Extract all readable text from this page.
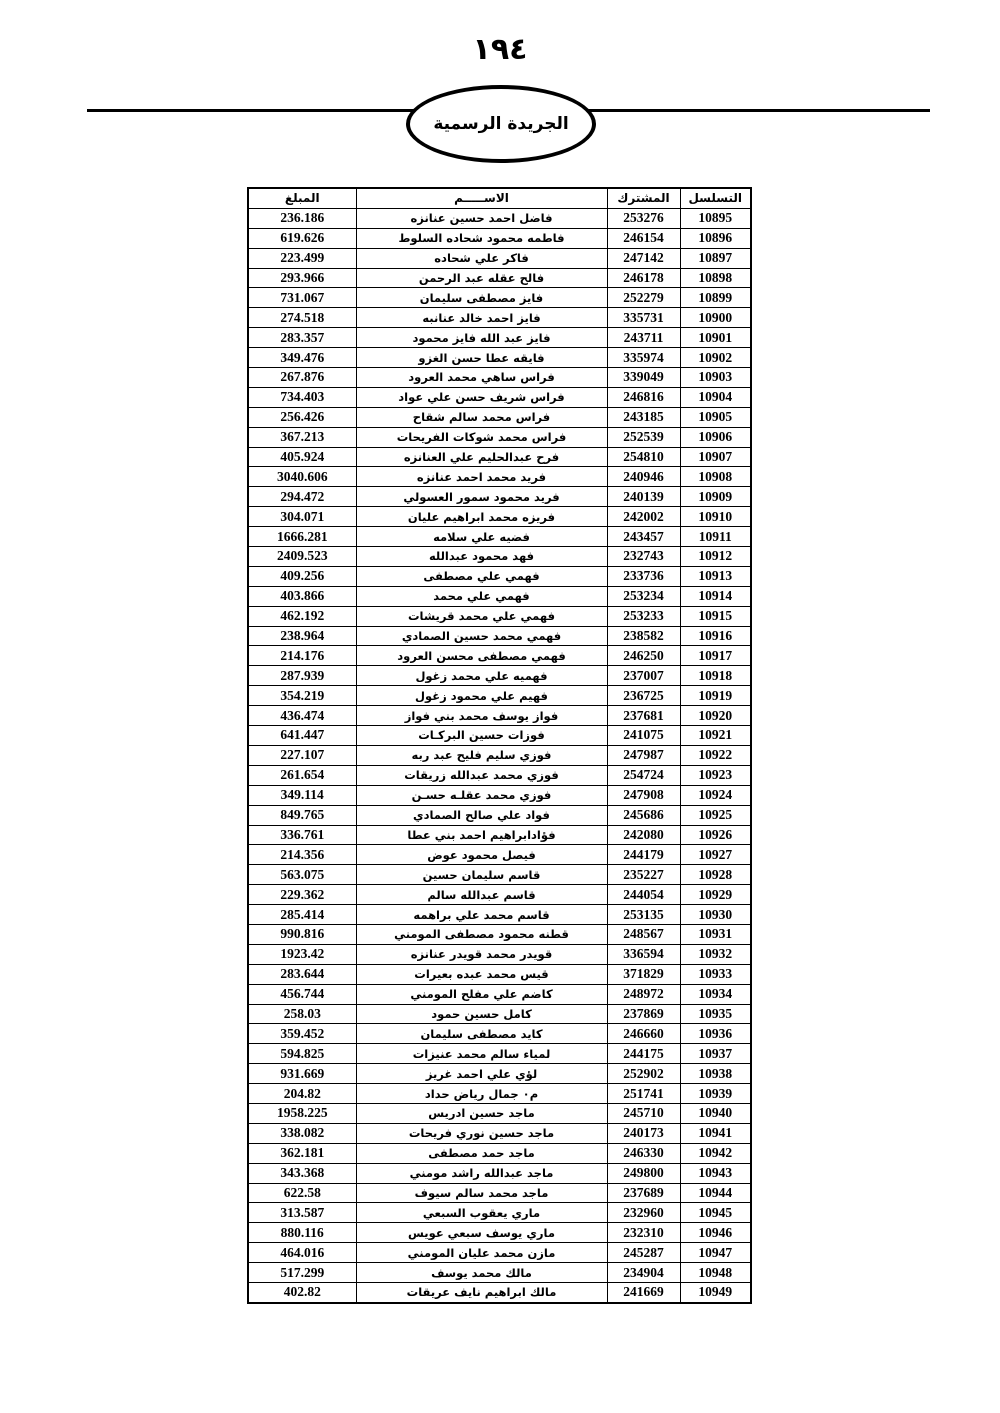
١٩٤
الجريدة الرسمية
التسلسل	المشترك	الاســـــم	المبلغ
10895	253276	فاضل احمد حسين عنانزه	236.186
10896	246154	فاطمه محمود شحاده السلوط	619.626
10897	247142	فاكر علي شحاده	223.499
10898	246178	فالح عقله عبد الرحمن	293.966
10899	252279	فايز مصطفى سليمان	731.067
10900	335731	فايز احمد خالد عنانبه	274.518
10901	243711	فايز عبد الله فايز محمود	283.357
10902	335974	فايقه عطا حسن الغزو	349.476
10903	339049	فراس ساهي محمد العرود	267.876
10904	246816	فراس شريف حسن علي عواد	734.403
10905	243185	فراس محمد سالم شقاح	256.426
10906	252539	فراس محمد شوكات الفريحات	367.213
10907	254810	فرح عبدالحليم علي العنانزه	405.924
10908	240946	فريد محمد احمد عنانزه	3040.606
10909	240139	فريد محمود سمور العسولي	294.472
10910	242002	فريزه محمد ابراهيم عليان	304.071
10911	243457	فضيه علي سلامه	1666.281
10912	232743	فهد محمود عبدالله	2409.523
10913	233736	فهمي علي مصطفى	409.256
10914	253234	فهمي علي محمد	403.866
10915	253233	فهمي علي محمد قريشات	462.192
10916	238582	فهمي محمد حسين الصمادي	238.964
10917	246250	فهمي مصطفى محسن العرود	214.176
10918	237007	فهميه علي محمد زغول	287.939
10919	236725	فهيم علي محمود زغول	354.219
10920	237681	فواز يوسف محمد بني فواز	436.474
10921	241075	فوزات حسين البركـات	641.447
10922	247987	فوزي سليم فليح عبد ربه	227.107
10923	254724	فوزي محمد عبدالله زريقات	261.654
10924	247908	فوزي محمد عقلـه حسـن	349.114
10925	245686	فواد علي صالح الصمادي	849.765
10926	242080	فؤادابراهيم احمد بني عطا	336.761
10927	244179	فيصل محمود عوض	214.356
10928	235227	قاسم سليمان حسين	563.075
10929	244054	قاسم عبدالله سالم	229.362
10930	253135	قاسم محمد علي براهمه	285.414
10931	248567	قطنه محمود مصطفى المومني	990.816
10932	336594	قويدر محمد قويدر عنانزه	1923.42
10933	371829	قيس محمد عبده بعيرات	283.644
10934	248972	كاضم علي مفلح المومني	456.744
10935	237869	كامل حسين حمود	258.03
10936	246660	كايد مصطفى سليمان	359.452
10937	244175	لمياء سالم محمد عنيزات	594.825
10938	252902	لؤي علي احمد غريز	931.669
10939	251741	م٠ جمال رياض حداد	204.82
10940	245710	ماجد حسين ادريس	1958.225
10941	240173	ماجد حسين نوري فريحات	338.082
10942	246330	ماجد حمد مصطفى	362.181
10943	249800	ماجد عبدالله راشد مومني	343.368
10944	237689	ماجد محمد سالم سيوف	622.58
10945	232960	ماري يعقوب السبعي	313.587
10946	232310	ماري يوسف سبعي عويس	880.116
10947	245287	مازن محمد عليان المومني	464.016
10948	234904	مالك محمد يوسف	517.299
10949	241669	مالك ابراهيم نايف عريقات	402.82
